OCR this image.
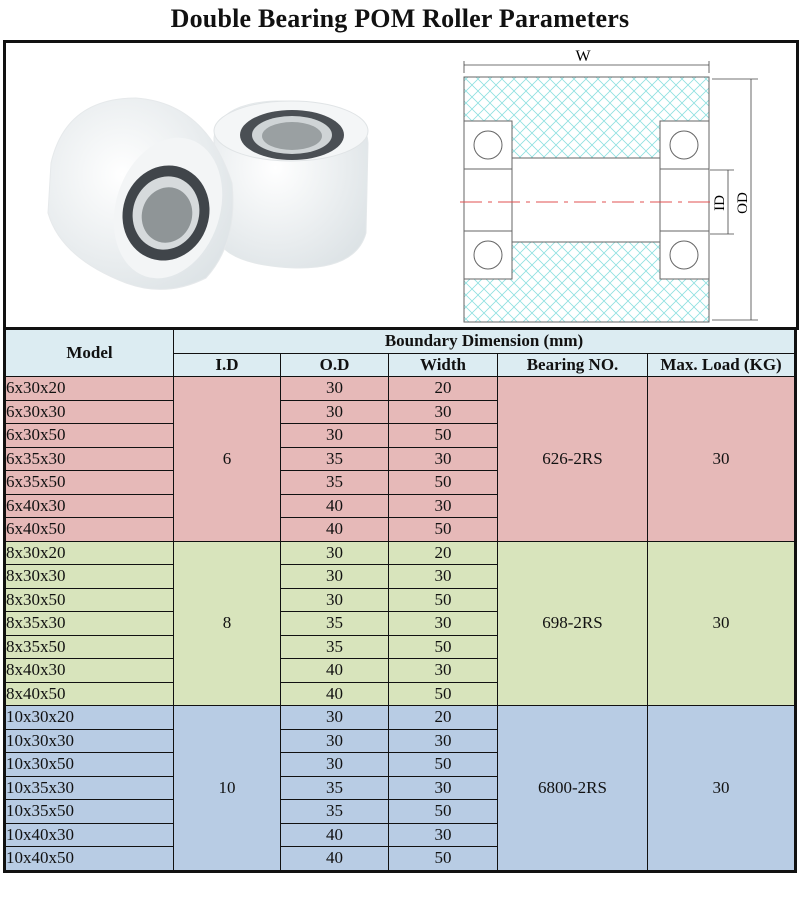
Double Bearing POM Roller Parameters
W
ID OD
Model	Boundary Dimension (mm)				
	I.D	O.D	Width	Bearing NO.	Max. Load (KG)
6x30x20	6	30	20	626-2RS	30
6x30x30		30	30		
6x30x50		30	50		
6x35x30		35	30		
6x35x50		35	50		
6x40x30		40	30		
6x40x50		40	50		
8x30x20	8	30	20	698-2RS	30
8x30x30		30	30		
8x30x50		30	50		
8x35x30		35	30		
8x35x50		35	50		
8x40x30		40	30		
8x40x50		40	50		
10x30x20	10	30	20	6800-2RS	30
10x30x30		30	30		
10x30x50		30	50		
10x35x30		35	30		
10x35x50		35	50		
10x40x30		40	30		
10x40x50		40	50		
